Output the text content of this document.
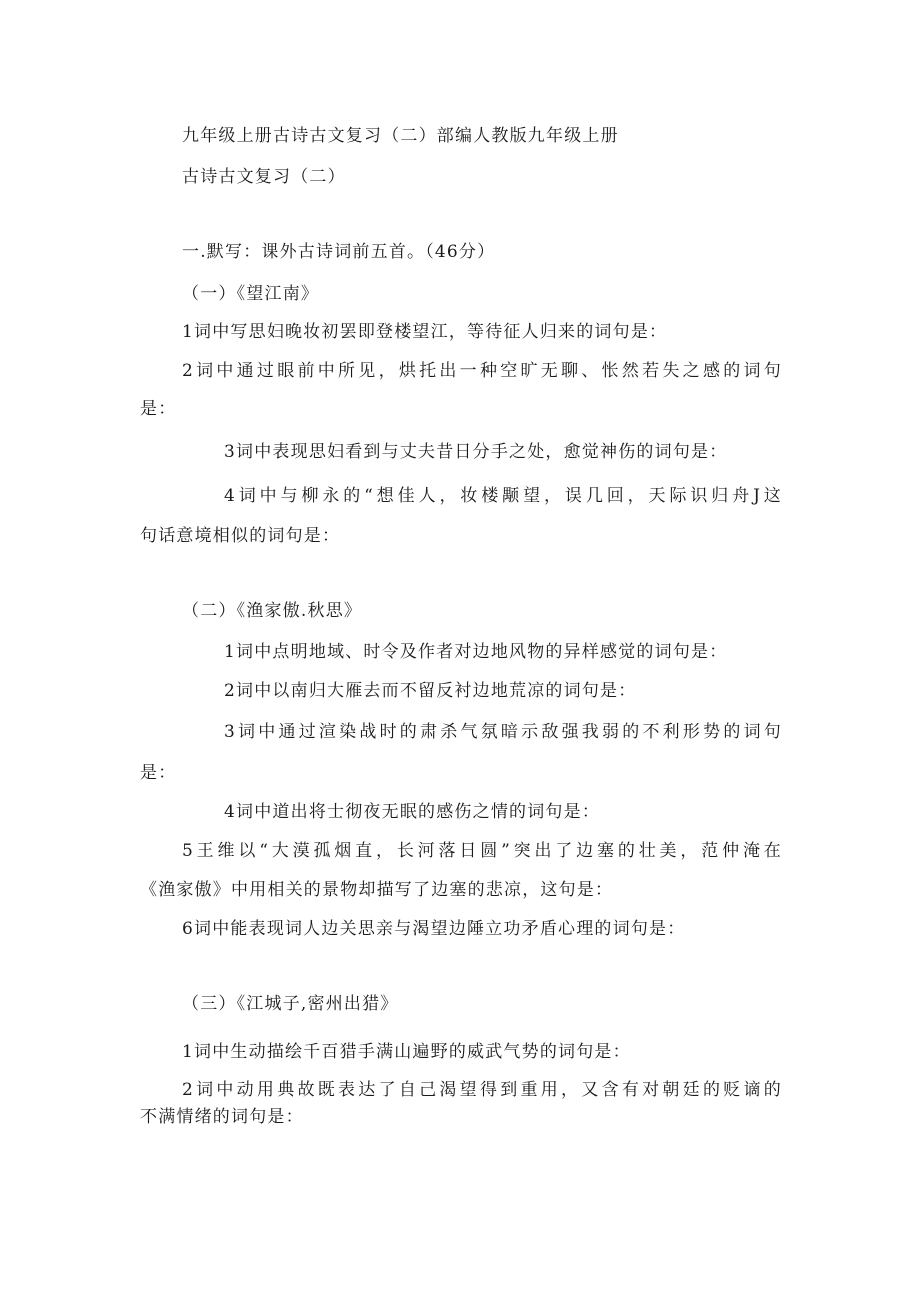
九年级上册古诗古文复习（二）部编人教版九年级上册
古诗古文复习（二）
一.默写：课外古诗词前五首。（46分）
（一）《望江南》
1词中写思妇晚妆初罢即登楼望江，等待征人归来的词句是：
2词中通过眼前中所见，烘托出一种空旷无聊、怅然若失之感的词句
是：
3词中表现思妇看到与丈夫昔日分手之处，愈觉神伤的词句是：
4词中与柳永的“想佳人，妆楼颙望，误几回，天际识归舟J这
句话意境相似的词句是：
（二）《渔家傲.秋思》
1词中点明地域、时令及作者对边地风物的异样感觉的词句是：
2词中以南归大雁去而不留反衬边地荒凉的词句是：
3词中通过渲染战时的肃杀气氛暗示敌强我弱的不利形势的词句
是：
4词中道出将士彻夜无眠的感伤之情的词句是：
5王维以“大漠孤烟直，长河落日圆”突出了边塞的壮美，范仲淹在
《渔家傲》中用相关的景物却描写了边塞的悲凉，这句是：
6词中能表现词人边关思亲与渴望边陲立功矛盾心理的词句是：
（三）《江城子,密州出猎》
1词中生动描绘千百猎手满山遍野的威武气势的词句是：
2词中动用典故既表达了自己渴望得到重用，又含有对朝廷的贬谪的
不满情绪的词句是：
